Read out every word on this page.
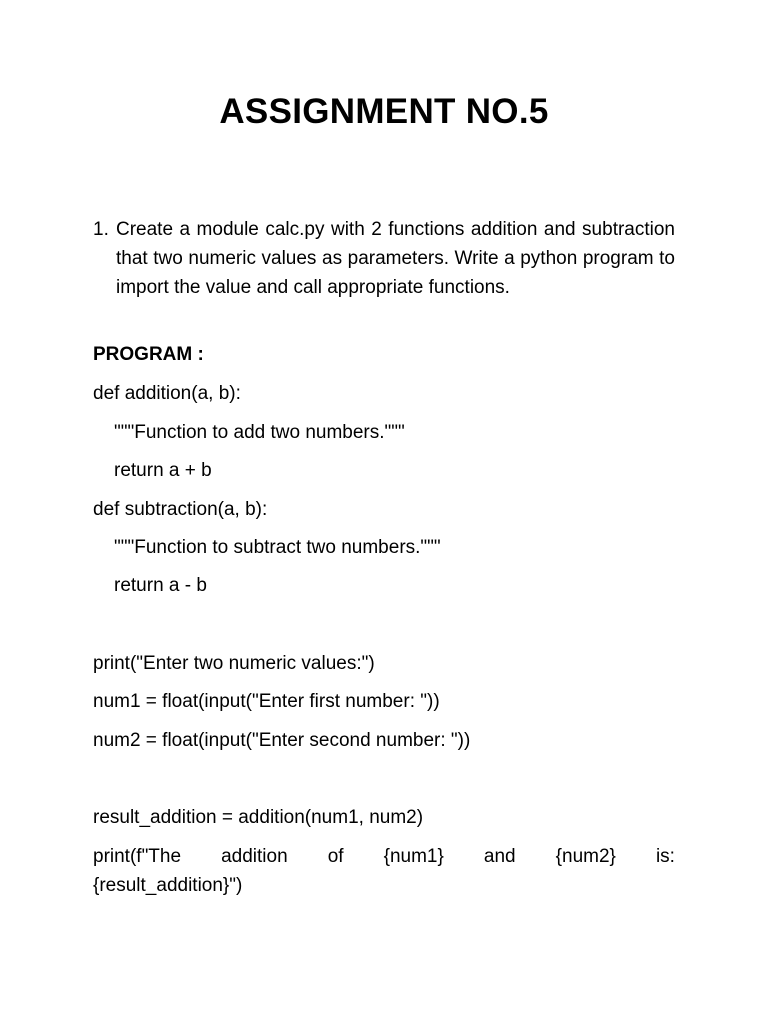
ASSIGNMENT NO.5
1. Create a module calc.py with 2 functions addition and subtraction that two numeric values as parameters. Write a python program to import the value and call appropriate functions.
PROGRAM :
def addition(a, b):
"""Function to add two numbers."""
return a + b
def subtraction(a, b):
"""Function to subtract two numbers."""
return a - b
print("Enter two numeric values:")
num1 = float(input("Enter first number: "))
num2 = float(input("Enter second number: "))
result_addition = addition(num1, num2)
print(f"The addition of {num1} and {num2} is:
{result_addition}")
